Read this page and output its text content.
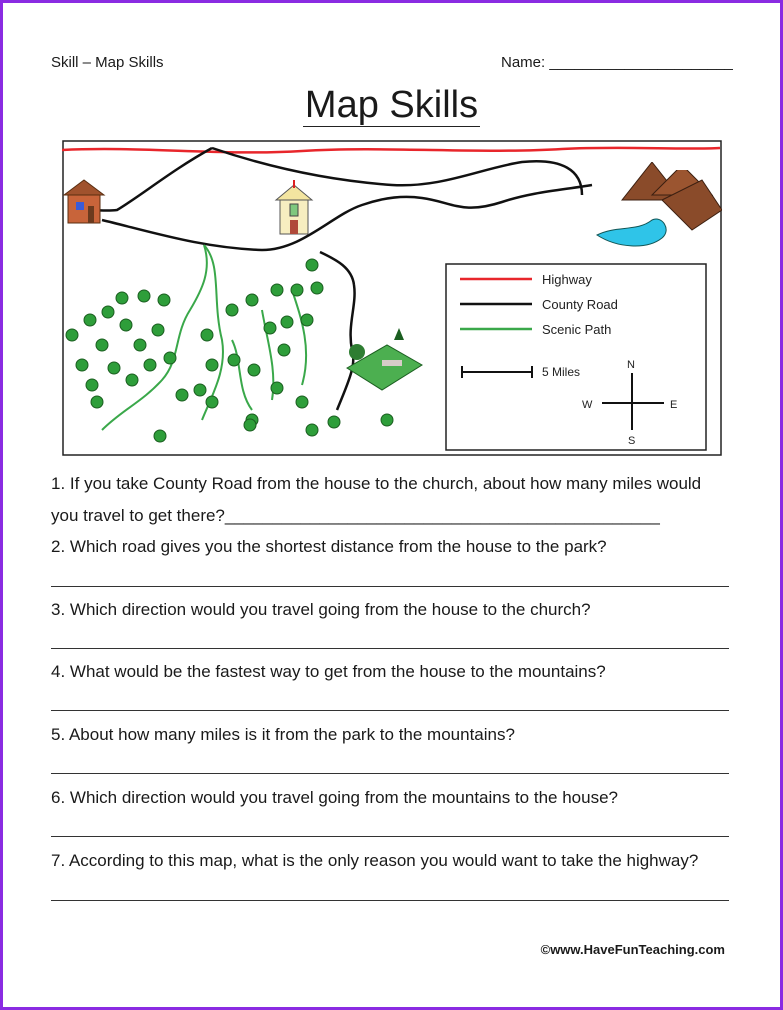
Skill – Map Skills	Name: ______________________
Map Skills
Highway
County Road
Scenic Path
5 Miles	N
S
E
W
1. If you take County Road from the house to the church, about how many miles would
you travel to get there?______________________________________________
2. Which road gives you the shortest distance from the house to the park?
3. Which direction would you travel going from the house to the church?
4. What would be the fastest way to get from the house to the mountains?
5. About how many miles is it from the park to the mountains?
6. Which direction would you travel going from the mountains to the house?
7. According to this map, what is the only reason you would want to take the highway?
©www.HaveFunTeaching.com
